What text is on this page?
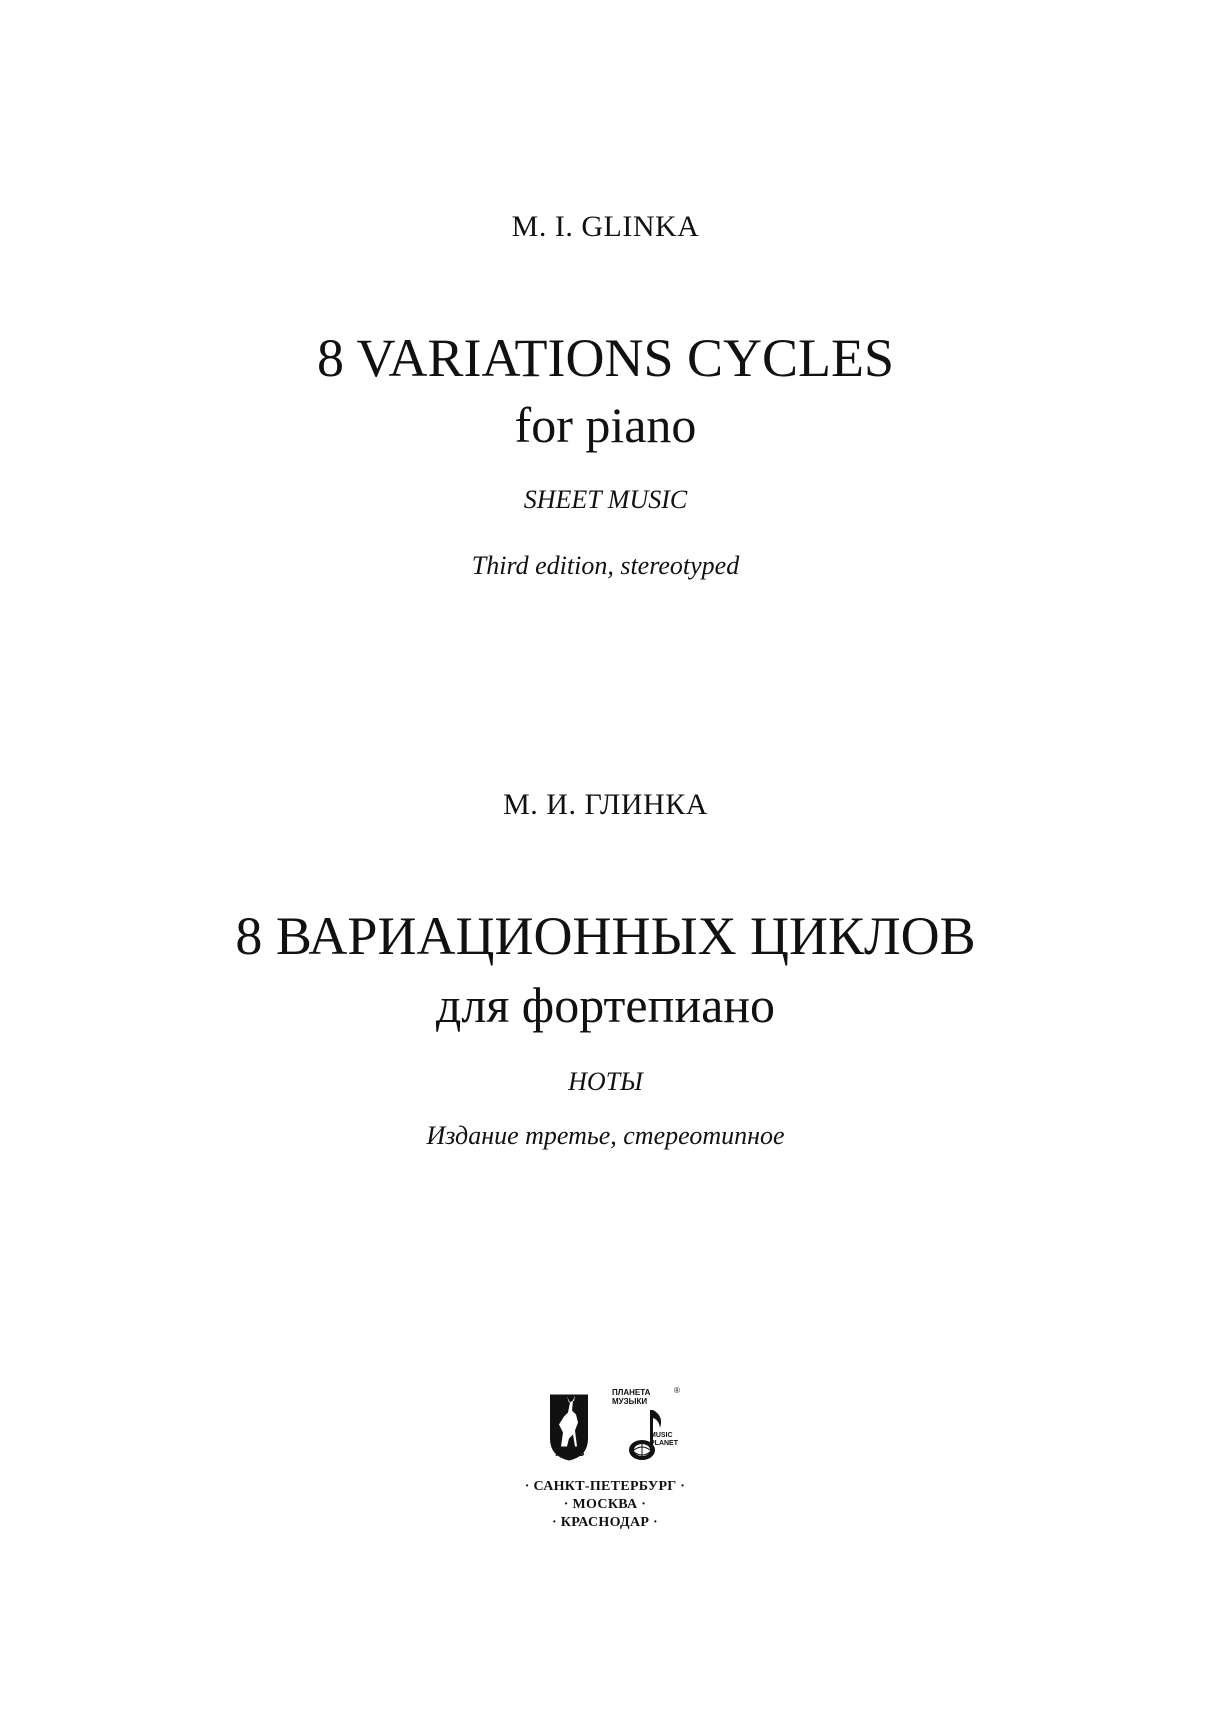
M. I. GLINKA
8 VARIATIONS CYCLES
for piano
SHEET MUSIC
Third edition, stereotyped
М. И. ГЛИНКА
8 ВАРИАЦИОННЫХ ЦИКЛОВ
для фортепиано
НОТЫ
Издание третье, стереотипное
ЛАНЬ
ПЛАНЕТА
МУЗЫКИ
®
MUSIC
PLANET
· САНКТ-ПЕТЕРБУРГ ·
· МОСКВА ·
· КРАСНОДАР ·
